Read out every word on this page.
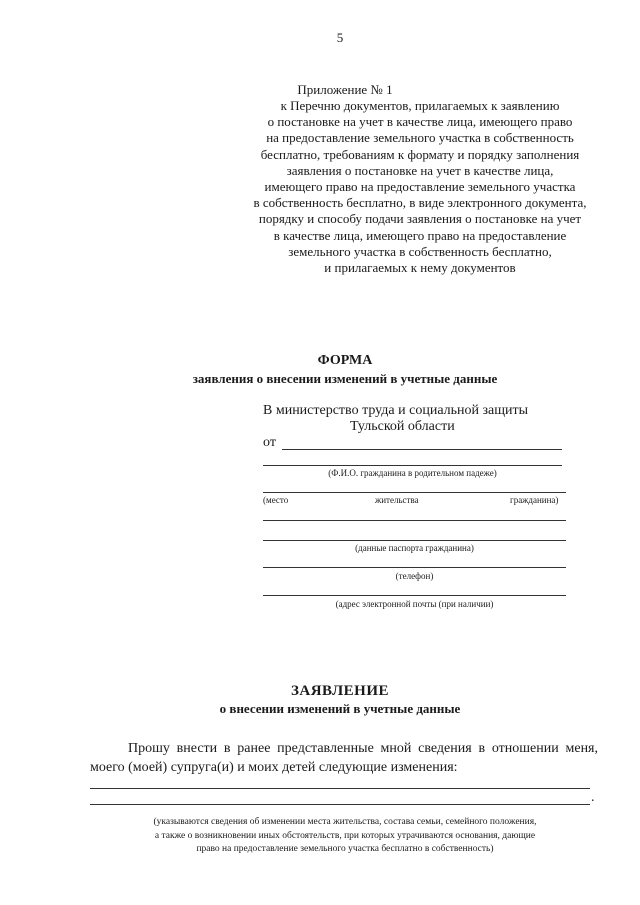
5
Приложение № 1
к Перечню документов, прилагаемых к заявлению
о постановке на учет в качестве лица, имеющего право
на предоставление земельного участка в собственность
бесплатно, требованиям к формату и порядку заполнения
заявления о постановке на учет в качестве лица,
имеющего право на предоставление земельного участка
в собственность бесплатно, в виде электронного документа,
порядку и способу подачи заявления о постановке на учет
в качестве лица, имеющего право на предоставление
земельного участка в собственность бесплатно,
и прилагаемых к нему документов
ФОРМА
заявления о внесении изменений в учетные данные
В министерство труда и социальной защиты
Тульской области
от
(Ф.И.О. гражданина в родительном падеже)
(место	жительства	гражданина)
(данные паспорта гражданина)
(телефон)
(адрес электронной почты (при наличии)
ЗАЯВЛЕНИЕ
о внесении изменений в учетные данные
Прошу внести в ранее представленные мной сведения в отношении меня, моего (моей) супруга(и) и моих детей следующие изменения:
.
(указываются сведения об изменении места жительства, состава семьи, семейного положения,
а также о возникновении иных обстоятельств, при которых утрачиваются основания, дающие
право на предоставление земельного участка бесплатно в собственность)
